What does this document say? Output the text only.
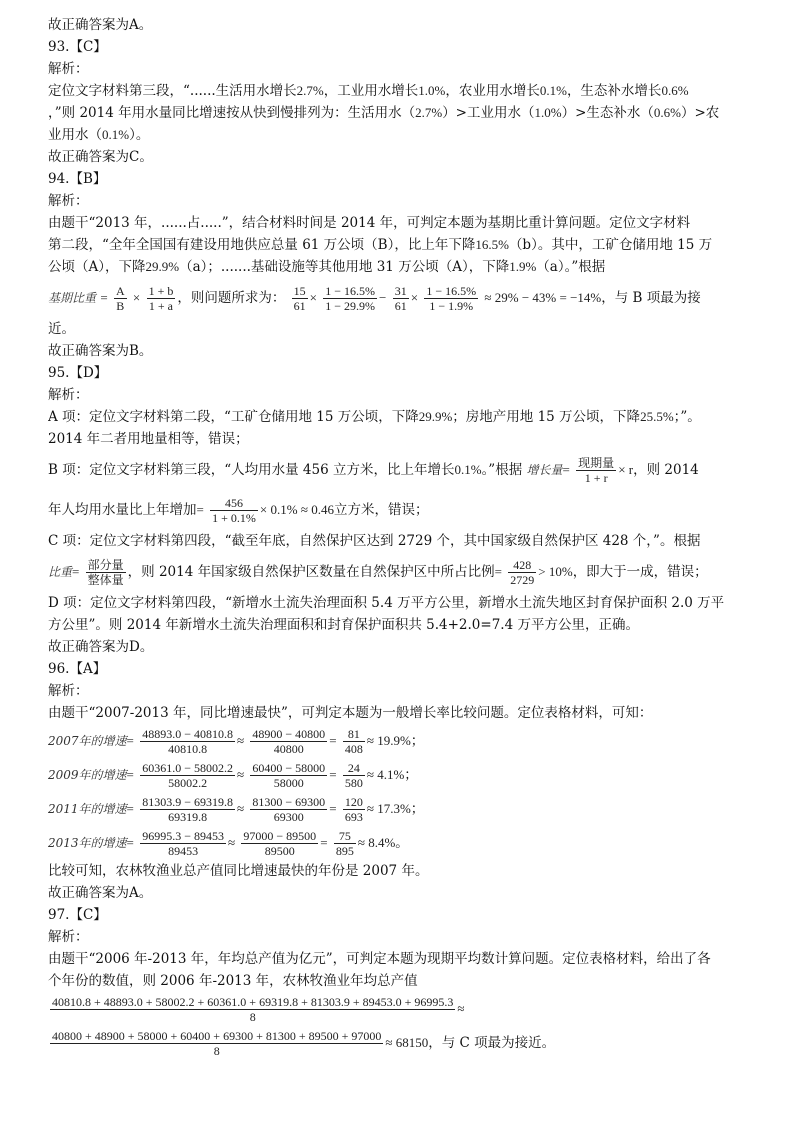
故正确答案为A。
93.【C】
解析：
定位文字材料第三段，“......生活用水增长2.7%，工业用水增长1.0%，农业用水增长0.1%，生态补水增长0.6%
，”则 2014 年用水量同比增速按从快到慢排列为：生活用水（2.7%）>工业用水（1.0%）>生态补水（0.6%）>农
业用水（0.1%）。
故正确答案为C。
94.【B】
解析：
由题干“2013 年，......占.....”，结合材料时间是 2014 年，可判定本题为基期比重计算问题。定位文字材料
第二段，“全年全国国有建设用地供应总量 61 万公顷（B），比上年下降16.5%（b）。其中，工矿仓储用地 15 万
公顷（A），下降29.9%（a）；.......基础设施等其他用地 31 万公顷（A），下降1.9%（a）。”根据
基期比重 = $\frac{A}{B} \times \frac{1 + b}{1 + a}$ ，则问题所求为： $\frac{15}{61} \times \frac{1 - 16.5\%}{1 - 29.9\%} - \frac{31}{61} \times \frac{1 - 16.5\%}{1 - 1.9\%} \approx 29\% - 43\% = -14\%$，与 B 项最为接
近。
故正确答案为B。
95.【D】
解析：
A 项：定位文字材料第二段，“工矿仓储用地 15 万公顷，下降29.9%；房地产用地 15 万公顷，下降25.5%；”。
2014 年二者用地量相等，错误；
B 项：定位文字材料第三段，“人均用水量 456 立方米，比上年增长0.1%。”根据 增长量= $\frac{\text{现期量}}{1 + r} \times r$，则 2014
年人均用水量比上年增加= $\frac{456}{1 + 0.1\%} \times 0.1\% \approx 0.46$立方米，错误；
C 项：定位文字材料第四段，“截至年底，自然保护区达到 2729 个，其中国家级自然保护区 428 个，”。根据
比重= $\frac{\text{部分量}}{\text{整体量}}$ ，则 2014 年国家级自然保护区数量在自然保护区中所占比例= $\frac{428}{2729} > 10\%$，即大于一成，错误；
D 项：定位文字材料第四段，“新增水土流失治理面积 5.4 万平方公里，新增水土流失地区封育保护面积 2.0 万平
方公里”。则 2014 年新增水土流失治理面积和封育保护面积共 5.4+2.0=7.4 万平方公里，正确。
故正确答案为D。
96.【A】
解析：
由题干“2007-2013 年，同比增速最快”，可判定本题为一般增长率比较问题。定位表格材料，可知：
2007年的增速= $\frac{48893.0 - 40810.8}{40810.8} \approx \frac{48900 - 40800}{40800} = \frac{81}{408} \approx 19.9\%$；
2009年的增速= $\frac{60361.0 - 58002.2}{58002.2} \approx \frac{60400 - 58000}{58000} = \frac{24}{580} \approx 4.1\%$；
2011年的增速= $\frac{81303.9 - 69319.8}{69319.8} \approx \frac{81300 - 69300}{69300} = \frac{120}{693} \approx 17.3\%$；
2013年的增速= $\frac{96995.3 - 89453}{89453} \approx \frac{97000 - 89500}{89500} = \frac{75}{895} \approx 8.4\%$。
比较可知，农林牧渔业总产值同比增速最快的年份是 2007 年。
故正确答案为A。
97.【C】
解析：
由题干“2006 年-2013 年，年均总产值为亿元”，可判定本题为现期平均数计算问题。定位表格材料，给出了各
个年份的数值，则 2006 年-2013 年，农林牧渔业年均总产值
40810.8 + 48893.0 + 58002.2 + 60361.0 + 69319.8 + 81303.9 + 89453.0 + 96995.3
8
≈
40800 + 48900 + 58000 + 60400 + 69300 + 81300 + 89500 + 97000
8
≈ 68150，与 C 项最为接近。
